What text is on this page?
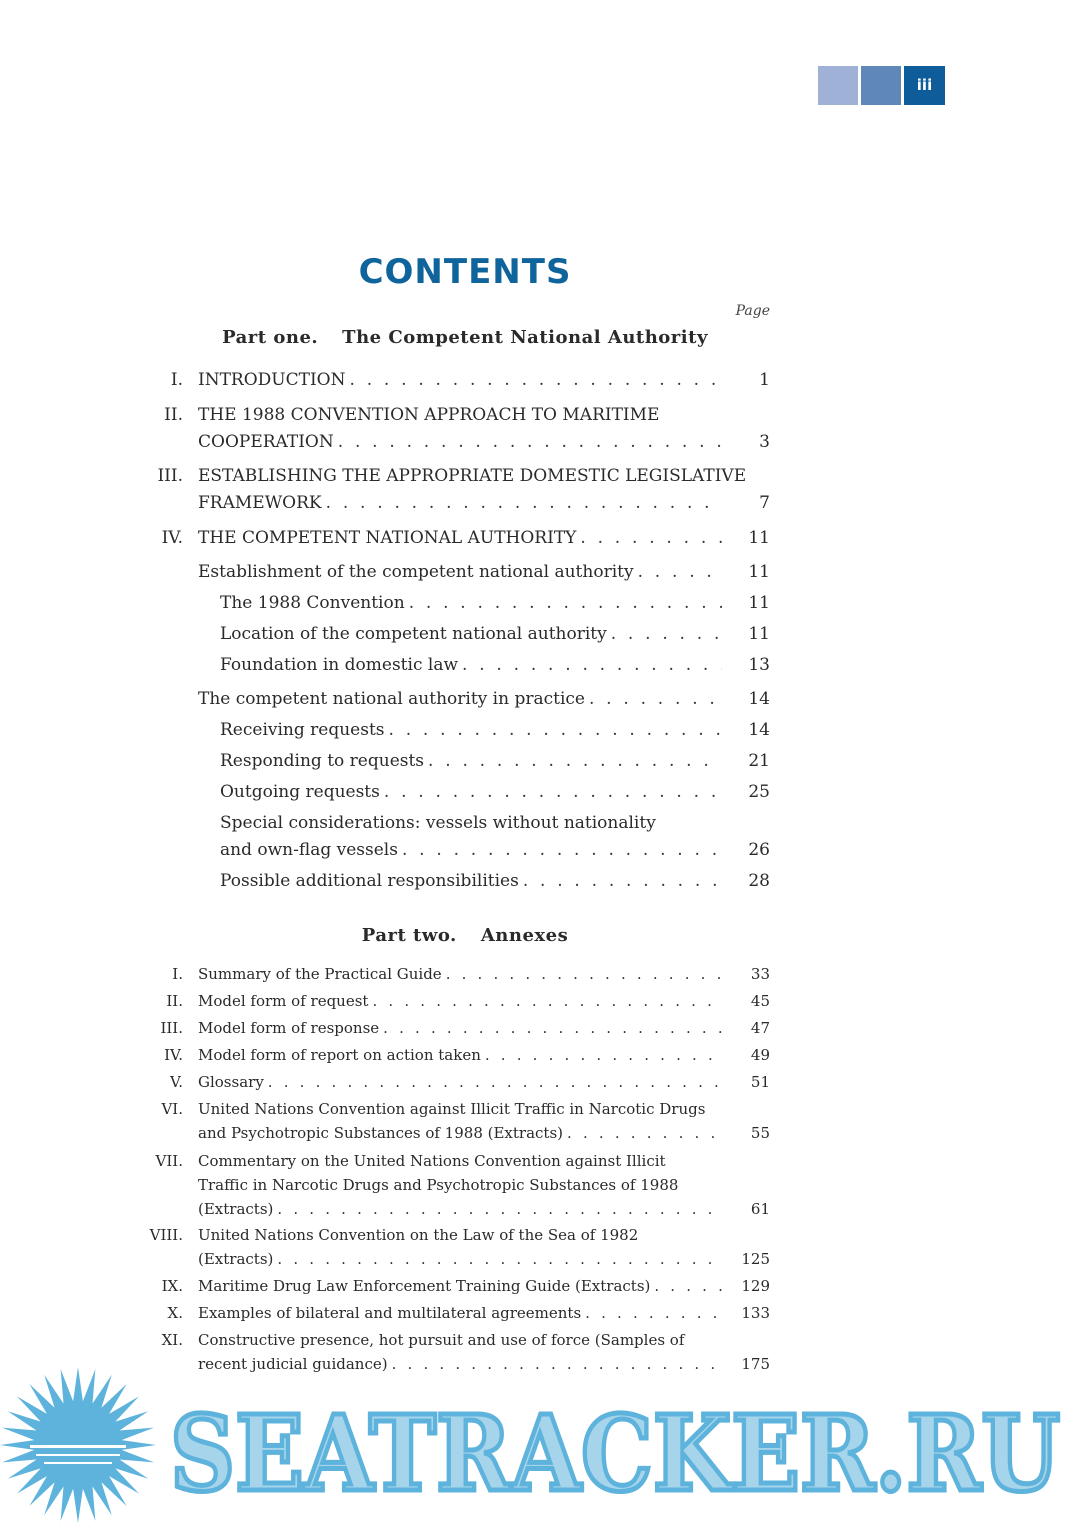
iii
CONTENTS
Page
Part one. The Competent National Authority
Part two. Annexes
I. INTRODUCTION . . .	1
II. THE 1988 CONVENTION APPROACH TO MARITIME
COOPERATION . . .	3
III. ESTABLISHING THE APPROPRIATE DOMESTIC LEGISLATIVE
FRAMEWORK . . .	7
IV. THE COMPETENT NATIONAL AUTHORITY . . .	11
Establishment of the competent national authority . . .	11
The 1988 Convention . . .	11
Location of the competent national authority . . .	11
Foundation in domestic law . . .	13
The competent national authority in practice . . .	14
Receiving requests . . .	14
Responding to requests . . .	21
Outgoing requests . . .	25
Special considerations: vessels without nationality
and own-flag vessels . . .	26
Possible additional responsibilities . . .	28
I. Summary of the Practical Guide . . .	33
II. Model form of request . . .	45
III. Model form of response . . .	47
IV. Model form of report on action taken . . .	49
V. Glossary . . .	51
VI. United Nations Convention against Illicit Traffic in Narcotic Drugs
and Psychotropic Substances of 1988 (Extracts) . . .	55
VII. Commentary on the United Nations Convention against Illicit
Traffic in Narcotic Drugs and Psychotropic Substances of 1988
(Extracts) . . .	61
VIII. United Nations Convention on the Law of the Sea of 1982
(Extracts) . . .	125
IX. Maritime Drug Law Enforcement Training Guide (Extracts) . . .	129
X. Examples of bilateral and multilateral agreements . . .	133
XI. Constructive presence, hot pursuit and use of force (Samples of
recent judicial guidance) . . .	175
SEATRACKER.RU
SEATRACKER.RU
